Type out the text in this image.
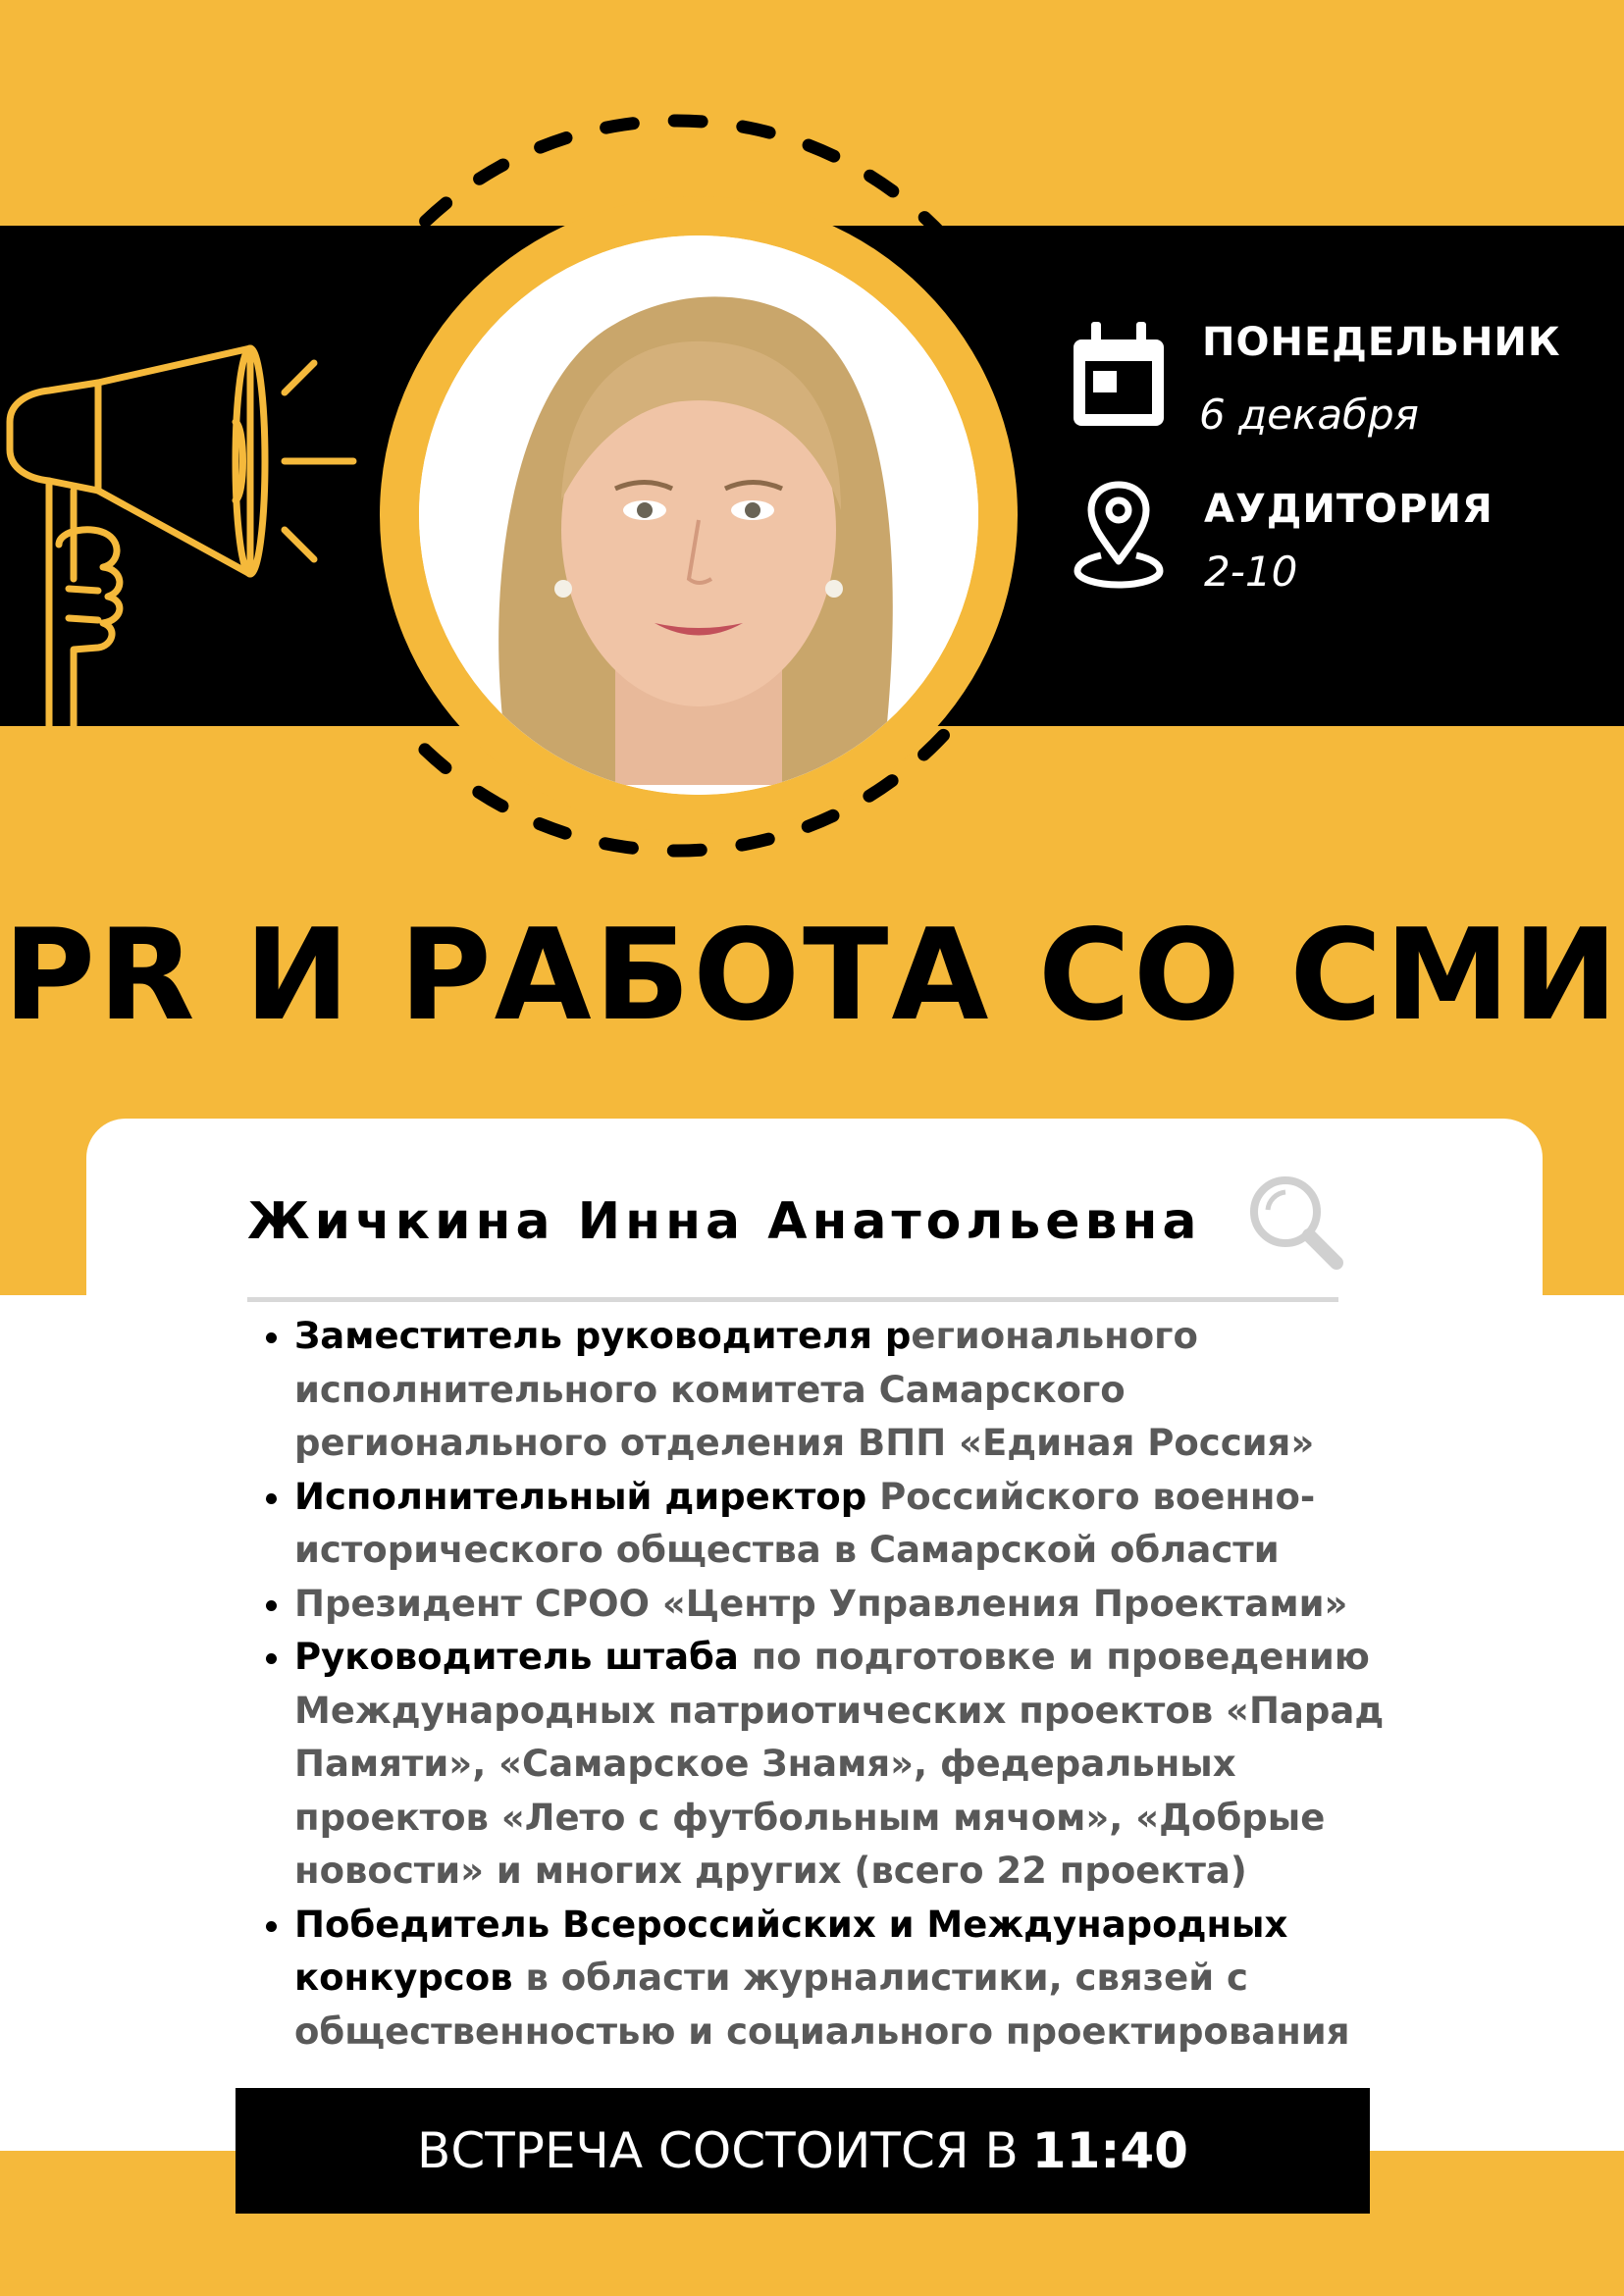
ПОНЕДЕЛЬНИК
6 декабря
АУДИТОРИЯ
2-10
PR И РАБОТА СО СМИ
Жичкина Инна Анатольевна
• Заместитель руководителя регионального исполнительного комитета Самарского регионального отделения ВПП «Единая Россия»
• Исполнительный директор Российского военно-исторического общества в Самарской области
• Президент СРОО «Центр Управления Проектами»
• Руководитель штаба по подготовке и проведению Международных патриотических проектов «Парад Памяти», «Самарское Знамя», федеральных проектов «Лето с футбольным мячом», «Добрые новости» и многих других (всего 22 проекта)
• Победитель Всероссийских и Международных конкурсов в области журналистики, связей с общественностью и социального проектирования
ВСТРЕЧА СОСТОИТСЯ В 11:40
